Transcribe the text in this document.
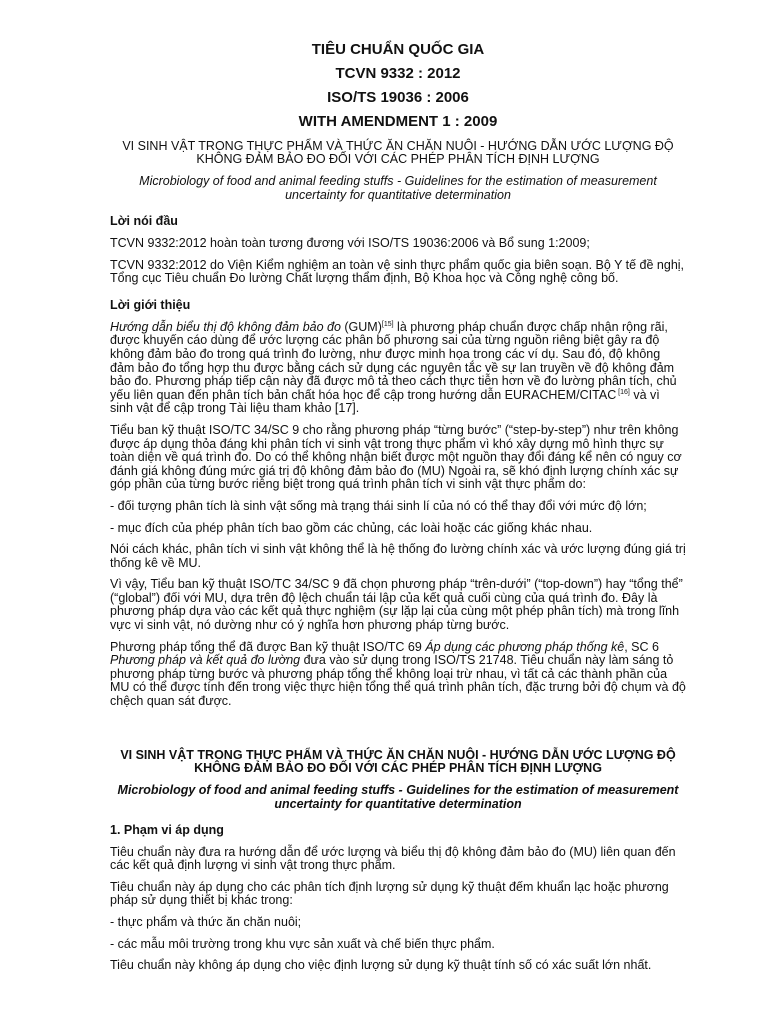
TIÊU CHUẨN QUỐC GIA
TCVN 9332 : 2012
ISO/TS 19036 : 2006
WITH AMENDMENT 1 : 2009
VI SINH VẬT TRONG THỰC PHẨM VÀ THỨC ĂN CHĂN NUÔI - HƯỚNG DẪN ƯỚC LƯỢNG ĐỘ KHÔNG ĐẢM BẢO ĐO ĐỐI VỚI CÁC PHÉP PHÂN TÍCH ĐỊNH LƯỢNG
Microbiology of food and animal feeding stuffs - Guidelines for the estimation of measurement uncertainty for quantitative determination
Lời nói đầu

TCVN 9332:2012 hoàn toàn tương đương với ISO/TS 19036:2006 và Bổ sung 1:2009;

TCVN 9332:2012 do Viện Kiểm nghiệm an toàn vệ sinh thực phẩm quốc gia biên soạn. Bộ Y tế đề nghị, Tổng cục Tiêu chuẩn Đo lường Chất lượng thẩm định, Bộ Khoa học và Công nghệ công bố.

Lời giới thiệu

Hướng dẫn biểu thị độ không đảm bảo đo (GUM)[15] là phương pháp chuẩn được chấp nhận rộng rãi, được khuyến cáo dùng để ước lượng các phân bố phương sai của từng nguồn riêng biệt gây ra độ không đảm bảo đo trong quá trình đo lường, như được minh họa trong các ví dụ. Sau đó, độ không đảm bảo đo tổng hợp thu được bằng cách sử dụng các nguyên tắc về sự lan truyền về độ không đảm bảo đo. Phương pháp tiếp cận này đã được mô tả theo cách thực tiễn hơn về đo lường phân tích, chủ yếu liên quan đến phân tích bản chất hóa học để cập trong hướng dẫn EURACHEM/CITAC [16] và vì sinh vật để cập trong Tài liệu tham khảo [17].

Tiểu ban kỹ thuật ISO/TC 34/SC 9 cho rằng phương pháp “từng bước” (“step-by-step”) như trên không được áp dụng thỏa đáng khi phân tích vi sinh vật trong thực phẩm vì khó xây dựng mô hình thực sự toàn diện về quá trình đo. Do có thể không nhận biết được một nguồn thay đổi đáng kể nên có nguy cơ đánh giá không đúng mức giá trị độ không đảm bảo đo (MU) Ngoài ra, sẽ khó định lượng chính xác sự góp phần của từng bước riêng biệt trong quá trình phân tích vi sinh vật thực phẩm do:

- đối tượng phân tích là sinh vật sống mà trạng thái sinh lí của nó có thể thay đổi với mức độ lớn;

- mục đích của phép phân tích bao gồm các chủng, các loài hoặc các giống khác nhau.

Nói cách khác, phân tích vi sinh vật không thể là hệ thống đo lường chính xác và ước lượng đúng giá trị thống kê về MU.

Vì vậy, Tiểu ban kỹ thuật ISO/TC 34/SC 9 đã chọn phương pháp “trên-dưới” (“top-down”) hay “tổng thể” (“global”) đối với MU, dựa trên độ lệch chuẩn tái lập của kết quả cuối cùng của quá trình đo. Đây là phương pháp dựa vào các kết quả thực nghiệm (sự lặp lại của cùng một phép phân tích) mà trong lĩnh vực vi sinh vật, nó dường như có ý nghĩa hơn phương pháp từng bước.

Phương pháp tổng thể đã được Ban kỹ thuật ISO/TC 69 Áp dụng các phương pháp thống kê, SC 6 Phương pháp và kết quả đo lường đưa vào sử dụng trong ISO/TS 21748. Tiêu chuẩn này làm sáng tỏ phương pháp từng bước và phương pháp tổng thể không loại trừ nhau, vì tất cả các thành phần của MU có thể được tính đến trong việc thực hiện tổng thể quá trình phân tích, đặc trưng bởi độ chụm và độ chệch quan sát được.

VI SINH VẬT TRONG THỰC PHẨM VÀ THỨC ĂN CHĂN NUÔI - HƯỚNG DẪN ƯỚC LƯỢNG ĐỘ KHÔNG ĐẢM BẢO ĐO ĐỐI VỚI CÁC PHÉP PHÂN TÍCH ĐỊNH LƯỢNG
Microbiology of food and animal feeding stuffs - Guidelines for the estimation of measurement uncertainty for quantitative determination
1. Phạm vi áp dụng

Tiêu chuẩn này đưa ra hướng dẫn để ước lượng và biểu thị độ không đảm bảo đo (MU) liên quan đến các kết quả định lượng vi sinh vật trong thực phẩm.

Tiêu chuẩn này áp dụng cho các phân tích định lượng sử dụng kỹ thuật đếm khuẩn lạc hoặc phương pháp sử dụng thiết bị khác trong:

- thực phẩm và thức ăn chăn nuôi;

- các mẫu môi trường trong khu vực sản xuất và chế biến thực phẩm.

Tiêu chuẩn này không áp dụng cho việc định lượng sử dụng kỹ thuật tính số có xác suất lớn nhất.
